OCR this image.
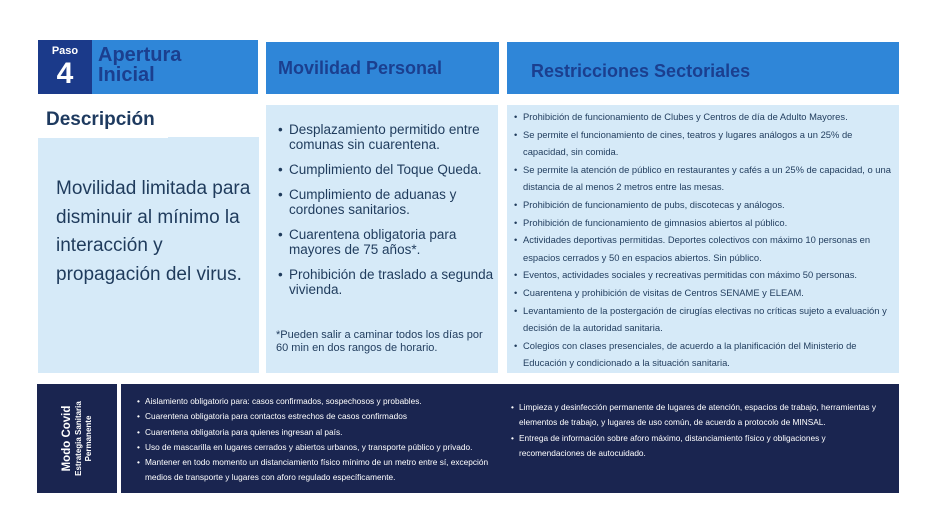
Paso
4
Apertura
Inicial	Movilidad Personal	Restricciones Sectoriales
Descripción
Movilidad limitada para disminuir al mínimo la interacción y propagación del virus.
• Desplazamiento permitido entre comunas sin cuarentena.
• Cumplimiento del Toque Queda.
• Cumplimiento de aduanas y cordones sanitarios.
• Cuarentena obligatoria para mayores de 75 años*.
• Prohibición de traslado a segunda vivienda.
*Pueden salir a caminar todos los días por 60 min en dos rangos de horario.
• Prohibición de funcionamiento de Clubes y Centros de día de Adulto Mayores.
• Se permite el funcionamiento de cines, teatros y lugares análogos a un 25% de capacidad, sin comida.
• Se permite la atención de público en restaurantes y cafés a un 25% de capacidad, o una distancia de al menos 2 metros entre las mesas.
• Prohibición de funcionamiento de pubs, discotecas y análogos.
• Prohibición de funcionamiento de gimnasios abiertos al público.
• Actividades deportivas permitidas. Deportes colectivos con máximo 10 personas en espacios cerrados y 50 en espacios abiertos. Sin público.
• Eventos, actividades sociales y recreativas permitidas con máximo 50 personas.
• Cuarentena y prohibición de visitas de Centros SENAME y ELEAM.
• Levantamiento de la postergación de cirugías electivas no críticas sujeto a evaluación y decisión de la autoridad sanitaria.
• Colegios con clases presenciales, de acuerdo a la planificación del Ministerio de Educación y condicionado a la situación sanitaria.
Modo Covid Estrategia Sanitaria Permanente
• Aislamiento obligatorio para: casos confirmados, sospechosos y probables.
• Cuarentena obligatoria para contactos estrechos de casos confirmados
• Cuarentena obligatoria para quienes ingresan al país.
• Uso de mascarilla en lugares cerrados y abiertos urbanos, y transporte público y privado.
• Mantener en todo momento un distanciamiento físico mínimo de un metro entre sí, excepción medios de transporte y lugares con aforo regulado específicamente.
• Limpieza y desinfección permanente de lugares de atención, espacios de trabajo, herramientas y elementos de trabajo, y lugares de uso común, de acuerdo a protocolo de MINSAL.
• Entrega de información sobre aforo máximo, distanciamiento físico y obligaciones y recomendaciones de autocuidado.
